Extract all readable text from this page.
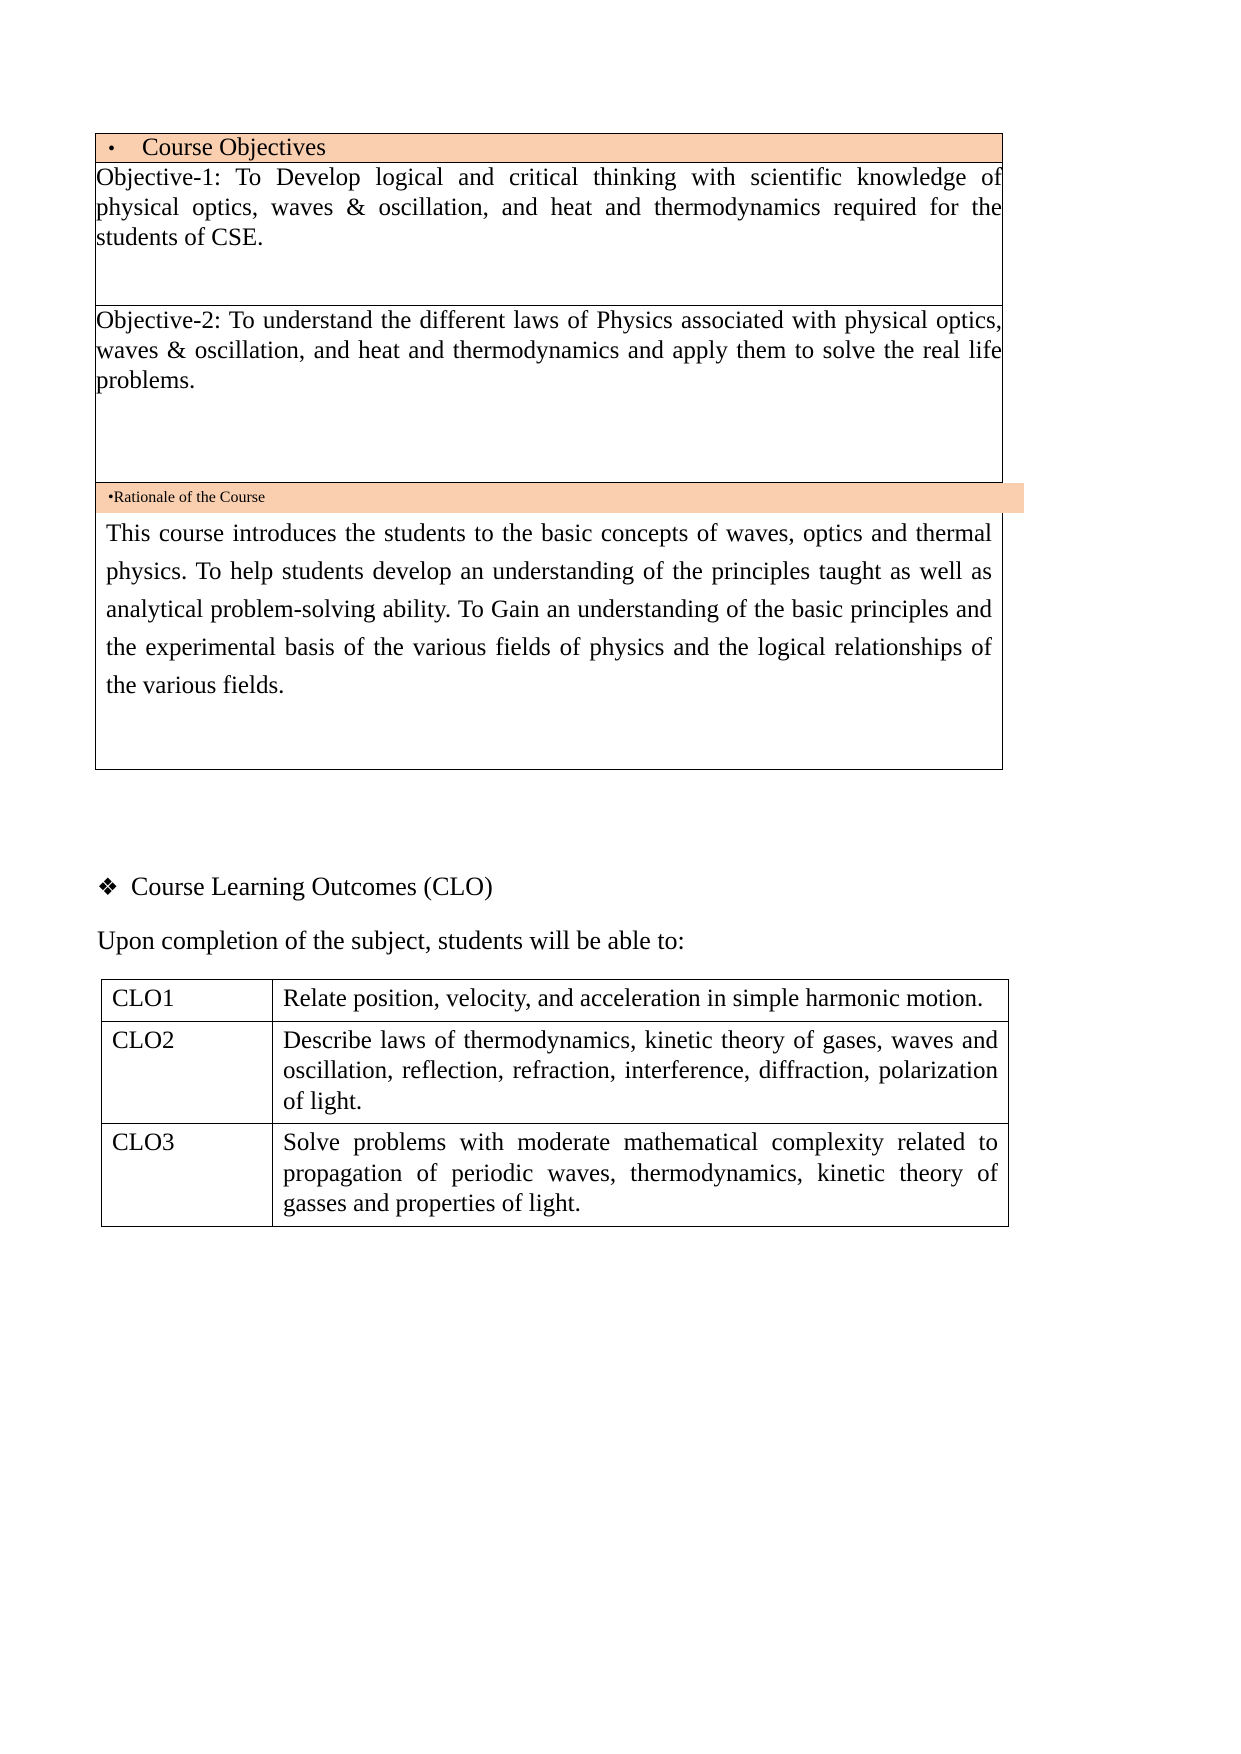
•	Course Objectives

Objective-1: To Develop logical and critical thinking with scientific knowledge of physical optics, waves & oscillation, and heat and thermodynamics required for the students of CSE.

Objective-2: To understand the different laws of Physics associated with physical optics, waves & oscillation, and heat and thermodynamics and apply them to solve the real life problems.

• Rationale of the Course

This course introduces the students to the basic concepts of waves, optics and thermal physics. To help students develop an understanding of the principles taught as well as analytical problem-solving ability. To Gain an understanding of the basic principles and the experimental basis of the various fields of physics and the logical relationships of the various fields.

❖ Course Learning Outcomes (CLO)
Upon completion of the subject, students will be able to:
CLO1	Relate position, velocity, and acceleration in simple harmonic motion.
CLO2	Describe laws of thermodynamics, kinetic theory of gases, waves and oscillation, reflection, refraction, interference, diffraction, polarization of light.
CLO3	Solve problems with moderate mathematical complexity related to propagation of periodic waves, thermodynamics, kinetic theory of gasses and properties of light.
